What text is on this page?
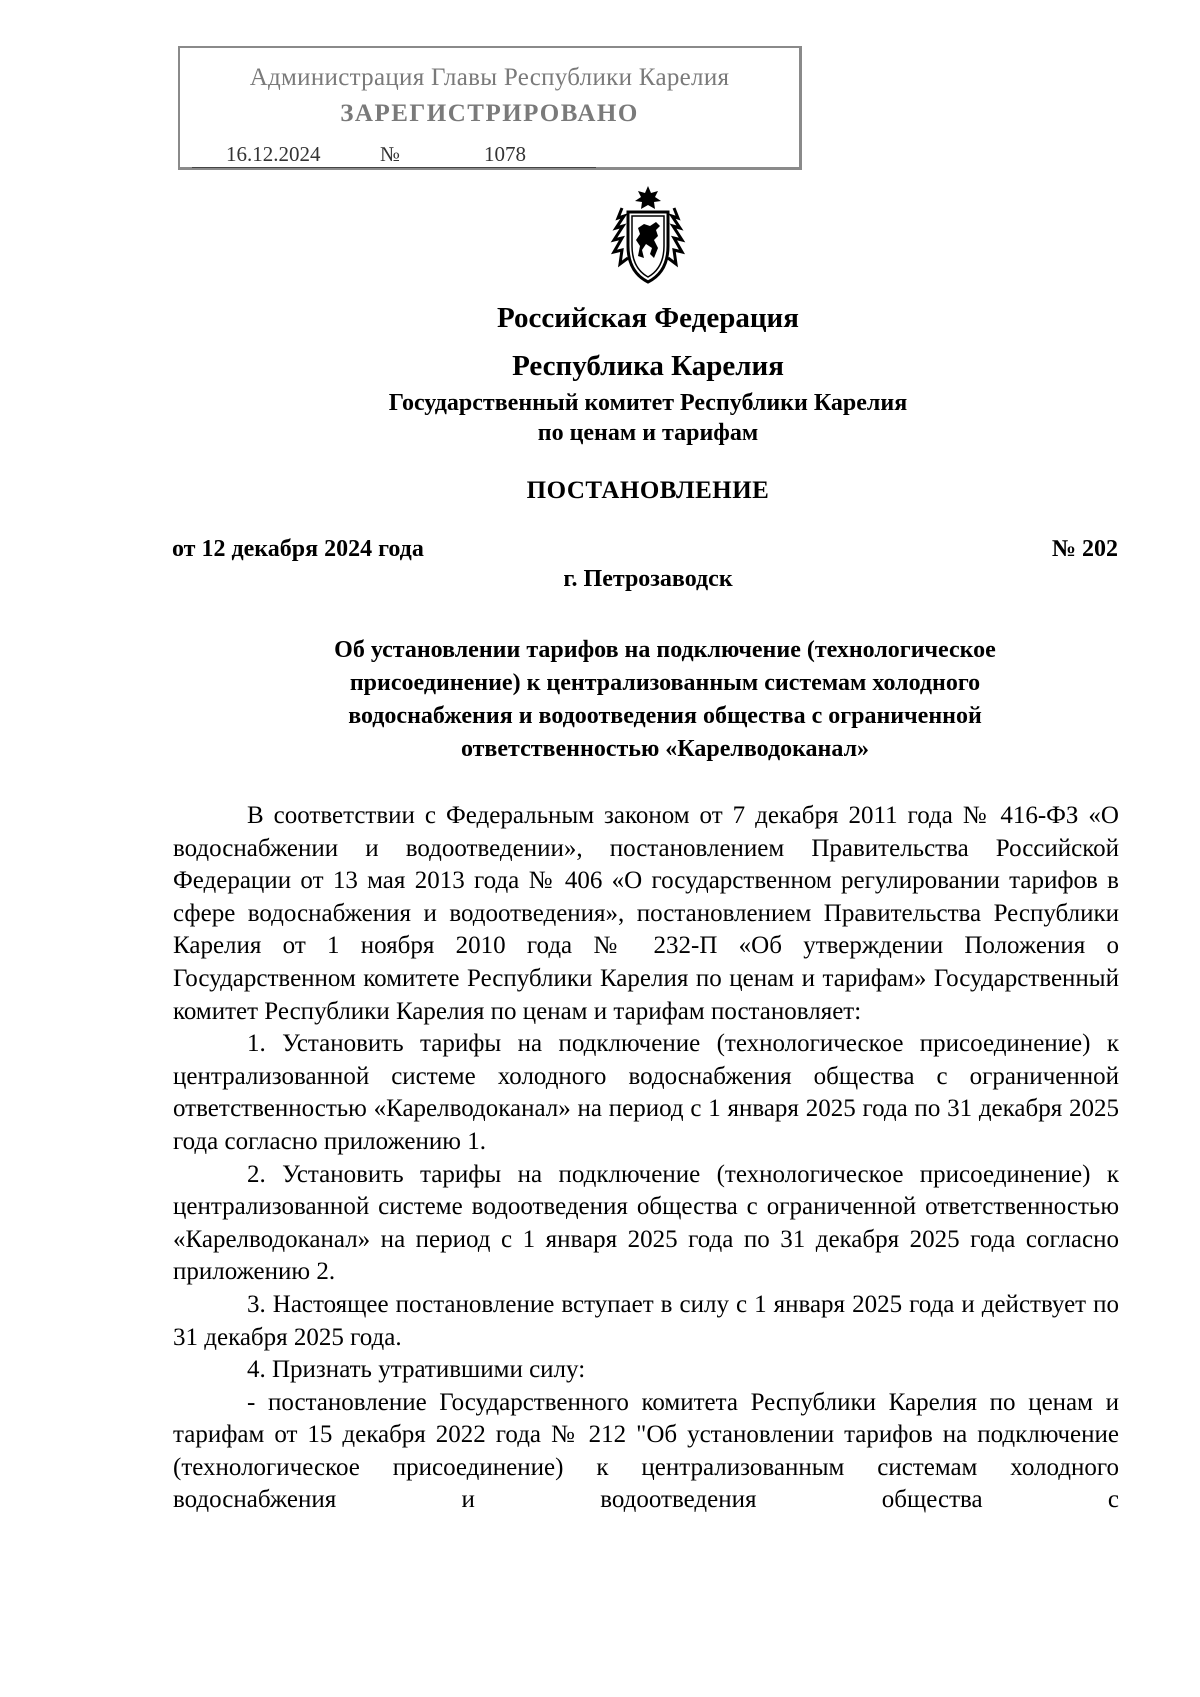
Администрация Главы Республики Карелия
ЗАРЕГИСТРИРОВАНО
16.12.2024	№	1078
Российская Федерация
Республика Карелия
Государственный комитет Республики Карелия
по ценам и тарифам
ПОСТАНОВЛЕНИЕ
от 12 декабря 2024 года	№ 202
г. Петрозаводск
Об установлении тарифов на подключение (технологическое
присоединение) к централизованным системам холодного
водоснабжения и водоотведения общества с ограниченной
ответственностью «Карелводоканал»

В соответствии с Федеральным законом от 7 декабря 2011 года № 416-ФЗ «О водоснабжении и водоотведении», постановлением Правительства Российской Федерации от 13 мая 2013 года № 406 «О государственном регулировании тарифов в сфере водоснабжения и водоотведения», постановлением Правительства Республики Карелия от 1 ноября 2010 года № 232-П «Об утверждении Положения о Государственном комитете Республики Карелия по ценам и тарифам» Государственный комитет Республики Карелия по ценам и тарифам постановляет:

1. Установить тарифы на подключение (технологическое присоединение) к централизованной системе холодного водоснабжения общества с ограниченной ответственностью «Карелводоканал» на период с 1 января 2025 года по 31 декабря 2025 года согласно приложению 1.

2. Установить тарифы на подключение (технологическое присоединение) к централизованной системе водоотведения общества с ограниченной ответственностью «Карелводоканал» на период с 1 января 2025 года по 31 декабря 2025 года согласно приложению 2.

3. Настоящее постановление вступает в силу с 1 января 2025 года и действует по 31 декабря 2025 года.

4. Признать утратившими силу:

- постановление Государственного комитета Республики Карелия по ценам и тарифам от 15 декабря 2022 года № 212 "Об установлении тарифов на подключение (технологическое присоединение) к централизованным системам холодного водоснабжения и водоотведения общества с
